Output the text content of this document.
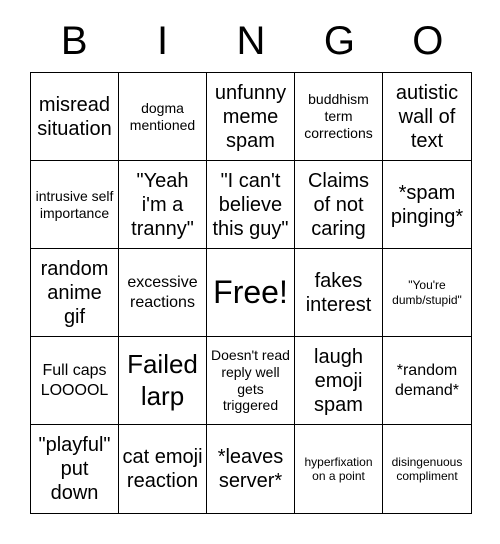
B	I	N	G	O
misread situation
dogma mentioned
unfunny meme spam
buddhism term corrections
autistic wall of text
intrusive self importance
"Yeah i'm a tranny"
"I can't believe this guy"
Claims of not caring
*spam pinging*
random anime gif
excessive reactions Free!	fakes interest
"You're dumb/stupid"
Full caps LOOOOL
Failed larp
Doesn't read reply well gets triggered
laugh emoji spam
*random demand*
"playful" put down
cat emoji reaction
*leaves server*
hyperfixation on a point
disingenuous compliment
